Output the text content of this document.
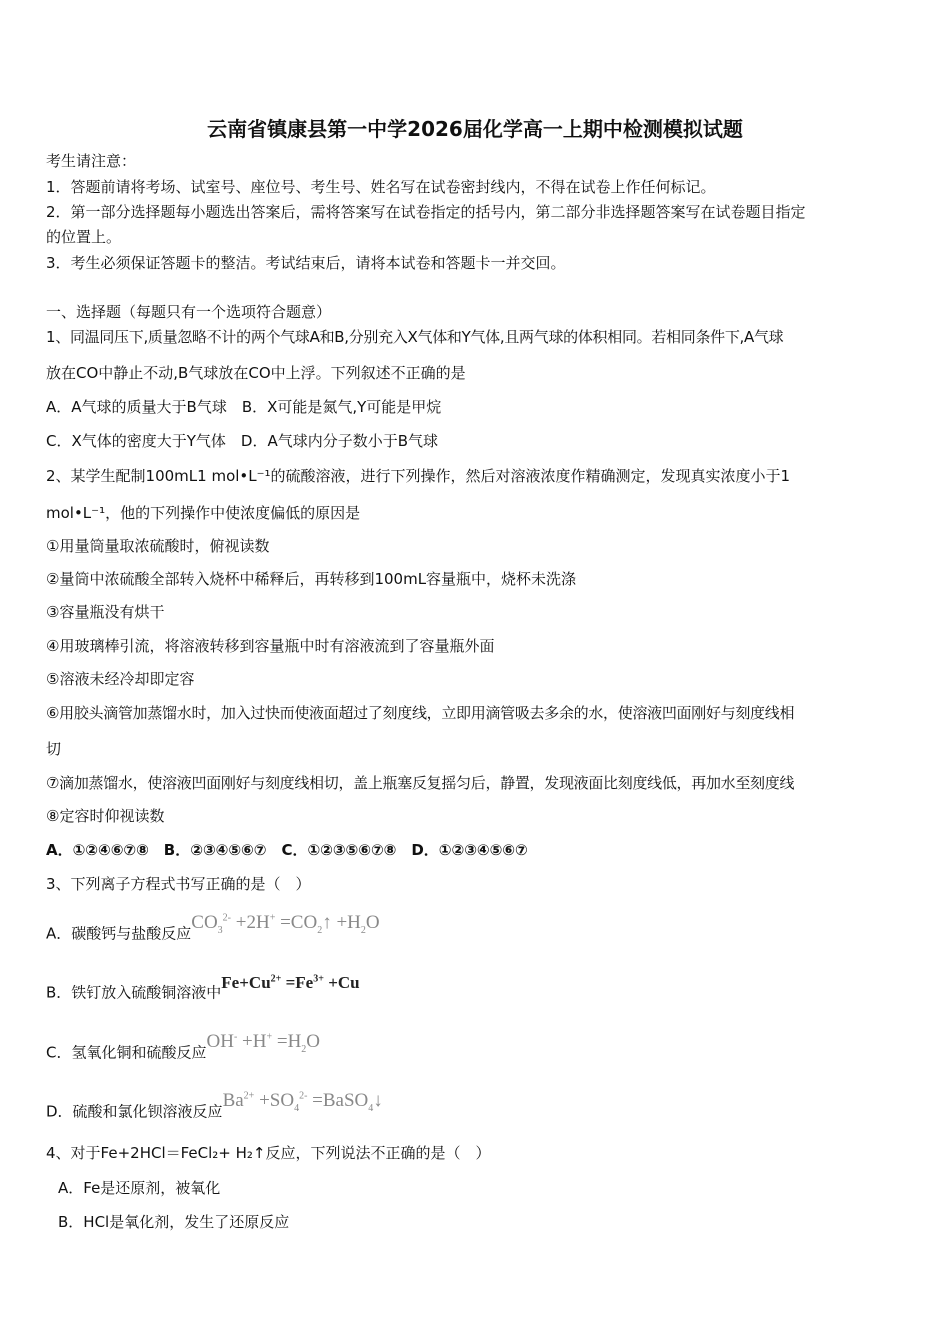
云南省镇康县第一中学2026届化学高一上期中检测模拟试题
考生请注意：
1．答题前请将考场、试室号、座位号、考生号、姓名写在试卷密封线内，不得在试卷上作任何标记。
2．第一部分选择题每小题选出答案后，需将答案写在试卷指定的括号内，第二部分非选择题答案写在试卷题目指定
的位置上。
3．考生必须保证答题卡的整洁。考试结束后，请将本试卷和答题卡一并交回。
一、选择题（每题只有一个选项符合题意）
1、同温同压下,质量忽略不计的两个气球A和B,分别充入X气体和Y气体,且两气球的体积相同。若相同条件下,A气球
放在CO中静止不动,B气球放在CO中上浮。下列叙述不正确的是
A．A气球的质量大于B气球　B．X可能是氮气,Y可能是甲烷
C．X气体的密度大于Y气体　D．A气球内分子数小于B气球
2、某学生配制100mL1 mol•L⁻¹的硫酸溶液，进行下列操作，然后对溶液浓度作精确测定，发现真实浓度小于1
mol•L⁻¹，他的下列操作中使浓度偏低的原因是
①用量筒量取浓硫酸时，俯视读数
②量筒中浓硫酸全部转入烧杯中稀释后，再转移到100mL容量瓶中，烧杯未洗涤
③容量瓶没有烘干
④用玻璃棒引流，将溶液转移到容量瓶中时有溶液流到了容量瓶外面
⑤溶液未经冷却即定容
⑥用胶头滴管加蒸馏水时，加入过快而使液面超过了刻度线，立即用滴管吸去多余的水，使溶液凹面刚好与刻度线相
切
⑦滴加蒸馏水，使溶液凹面刚好与刻度线相切，盖上瓶塞反复摇匀后，静置，发现液面比刻度线低，再加水至刻度线
⑧定容时仰视读数
A．①②④⑥⑦⑧　B．②③④⑤⑥⑦　C．①②③⑤⑥⑦⑧　D．①②③④⑤⑥⑦
3、下列离子方程式书写正确的是（　）
A．碳酸钙与盐酸反应$CO_3^{2-} +2H^+$ $=CO_2↑ +H_2O$
B．铁钉放入硫酸铜溶液中$Fe+Cu^{2+} =Fe^{3+} +Cu$
C．氢氧化铜和硫酸反应$OH^- +H^+ =H_2O$
D．硫酸和氯化钡溶液反应$Ba^{2+} +SO_4^{2-}$ =BaSO$_4$↓
4、对于Fe+2HCl＝FeCl₂+ H₂↑反应，下列说法不正确的是（　）
A．Fe是还原剂，被氧化
B．HCl是氧化剂，发生了还原反应
